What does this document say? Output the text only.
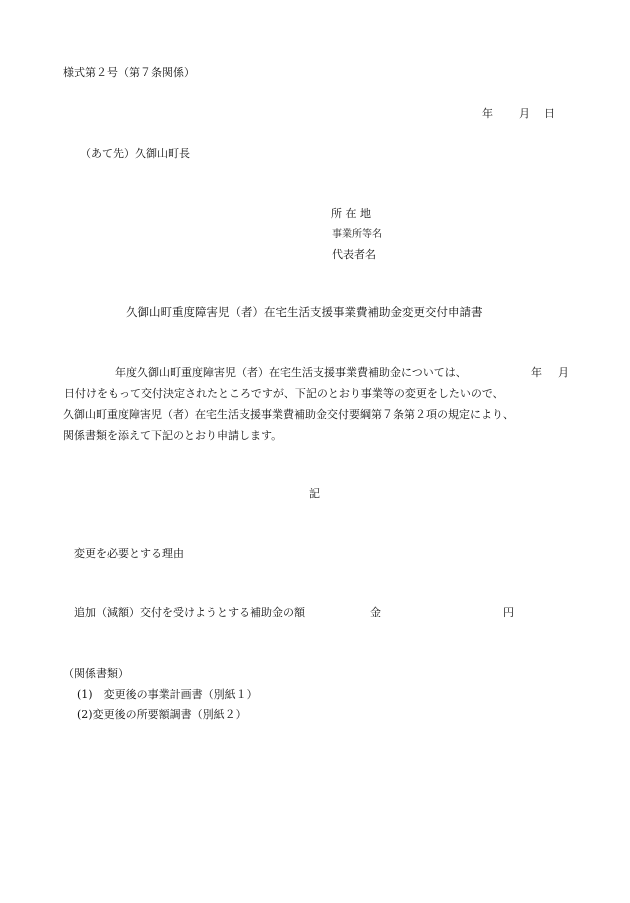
様式第２号（第７条関係）
年 月 日
（あて先）久御山町長
所 在 地
事業所等名
代表者名
久御山町重度障害児（者）在宅生活支援事業費補助金変更交付申請書
年度久御山町重度障害児（者）在宅生活支援事業費補助金については、	年 月
日付けをもって交付決定されたところですが、下記のとおり事業等の変更をしたいので、
久御山町重度障害児（者）在宅生活支援事業費補助金交付要綱第７条第２項の規定により、
関係書類を添えて下記のとおり申請します。
記
変更を必要とする理由
追加（減額）交付を受けようとする補助金の額	金	円
（関係書類）
(1)　変更後の事業計画書（別紙１）
(2)変更後の所要額調書（別紙２）
